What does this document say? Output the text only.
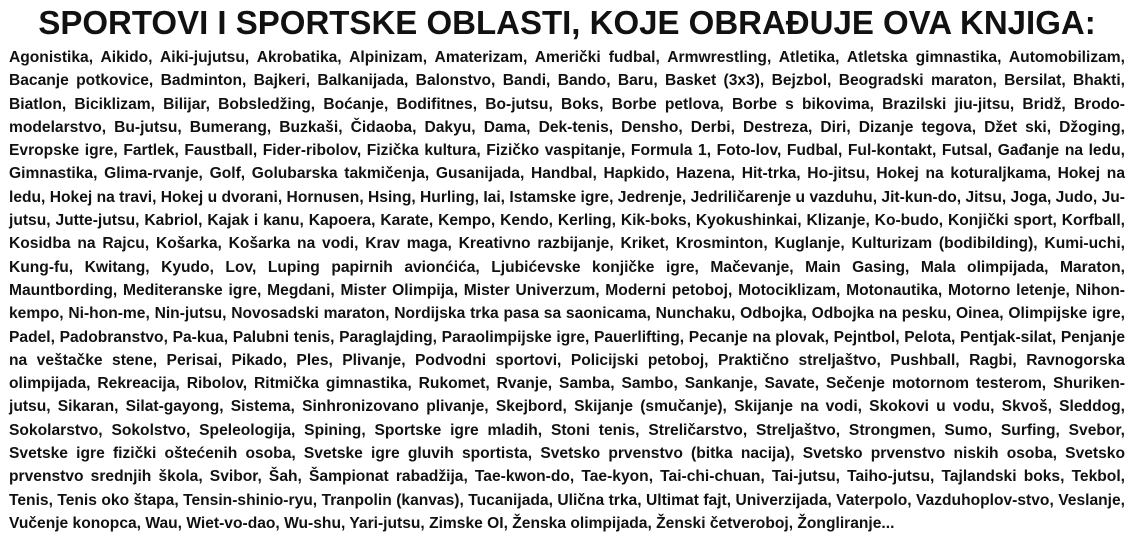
SPORTOVI I SPORTSKE OBLASTI, KOJE OBRAĐUJE OVA KNJIGA:

Agonistika, Aikido, Aiki-jujutsu, Akrobatika, Alpinizam, Amaterizam, Američki fudbal, Armwrestling, Atletika, Atletska gimnastika, Automobilizam, Bacanje potkovice, Badminton, Bajkeri, Balkanijada, Balonstvo, Bandi, Bando, Baru, Basket (3x3), Bejzbol, Beogradski maraton, Bersilat, Bhakti, Biatlon, Biciklizam, Bilijar, Bobsledžing, Boćanje, Bodifitnes, Bo-jutsu, Boks, Borbe petlova, Borbe s bikovima, Brazilski jiu-jitsu, Bridž, Brodo-modelarstvo, Bu-jutsu, Bumerang, Buzkaši, Čidaoba, Dakyu, Dama, Dek-tenis, Densho, Derbi, Destreza, Diri, Dizanje tegova, Džet ski, Džoging, Evropske igre, Fartlek, Faustball, Fider-ribolov, Fizička kultura, Fizičko vaspitanje, Formula 1, Foto-lov, Fudbal, Ful-kontakt, Futsal, Gađanje na ledu, Gimnastika, Glima-rvanje, Golf, Golubarska takmičenja, Gusanijada, Handbal, Hapkido, Hazena, Hit-trka, Ho-jitsu, Hokej na koturaljkama, Hokej na ledu, Hokej na travi, Hokej u dvorani, Hornusen, Hsing, Hurling, Iai, Istamske igre, Jedrenje, Jedriličarenje u vazduhu, Jit-kun-do, Jitsu, Joga, Judo, Ju-jutsu, Jutte-jutsu, Kabriol, Kajak i kanu, Kapoera, Karate, Kempo, Kendo, Kerling, Kik-boks, Kyokushinkai, Klizanje, Ko-budo, Konjički sport, Korfball, Kosidba na Rajcu, Košarka, Košarka na vodi, Krav maga, Kreativno razbijanje, Kriket, Krosminton, Kuglanje, Kulturizam (bodibilding), Kumi-uchi, Kung-fu, Kwitang, Kyudo, Lov, Luping papirnih avionćića, Ljubićevske konjičke igre, Mačevanje, Main Gasing, Mala olimpijada, Maraton, Mauntbording, Mediteranske igre, Megdani, Mister Olimpija, Mister Univerzum, Moderni petoboj, Motociklizam, Motonautika, Motorno letenje, Nihon-kempo, Ni-hon-me, Nin-jutsu, Novosadski maraton, Nordijska trka pasa sa saonicama, Nunchaku, Odbojka, Odbojka na pesku, Oinea, Olimpijske igre, Padel, Padobranstvo, Pa-kua, Palubni tenis, Paraglajding, Paraolimpijske igre, Pauerlifting, Pecanje na plovak, Pejntbol, Pelota, Pentjak-silat, Penjanje na veštačke stene, Perisai, Pikado, Ples, Plivanje, Podvodni sportovi, Policijski petoboj, Praktično streljaštvo, Pushball, Ragbi, Ravnogorska olimpijada, Rekreacija, Ribolov, Ritmička gimnastika, Rukomet, Rvanje, Samba, Sambo, Sankanje, Savate, Sečenje motornom testerom, Shuriken-jutsu, Sikaran, Silat-gayong, Sistema, Sinhronizovano plivanje, Skejbord, Skijanje (smučanje), Skijanje na vodi, Skokovi u vodu, Skvoš, Sleddog, Sokolarstvo, Sokolstvo, Speleologija, Spining, Sportske igre mladih, Stoni tenis, Streličarstvo, Streljaštvo, Strongmen, Sumo, Surfing, Svebor, Svetske igre fizički oštećenih osoba, Svetske igre gluvih sportista, Svetsko prvenstvo (bitka nacija), Svetsko prvenstvo niskih osoba, Svetsko prvenstvo srednjih škola, Svibor, Šah, Šampionat rabadžija, Tae-kwon-do, Tae-kyon, Tai-chi-chuan, Tai-jutsu, Taiho-jutsu, Tajlandski boks, Tekbol, Tenis, Tenis oko štapa, Tensin-shinio-ryu, Tranpolin (kanvas), Tucanijada, Ulična trka, Ultimat fajt, Univerzijada, Vaterpolo, Vazduhoplov-stvo, Veslanje, Vučenje konopca, Wau, Wiet-vo-dao, Wu-shu, Yari-jutsu, Zimske OI, Ženska olimpijada, Ženski četveroboj, Žongliranje...
